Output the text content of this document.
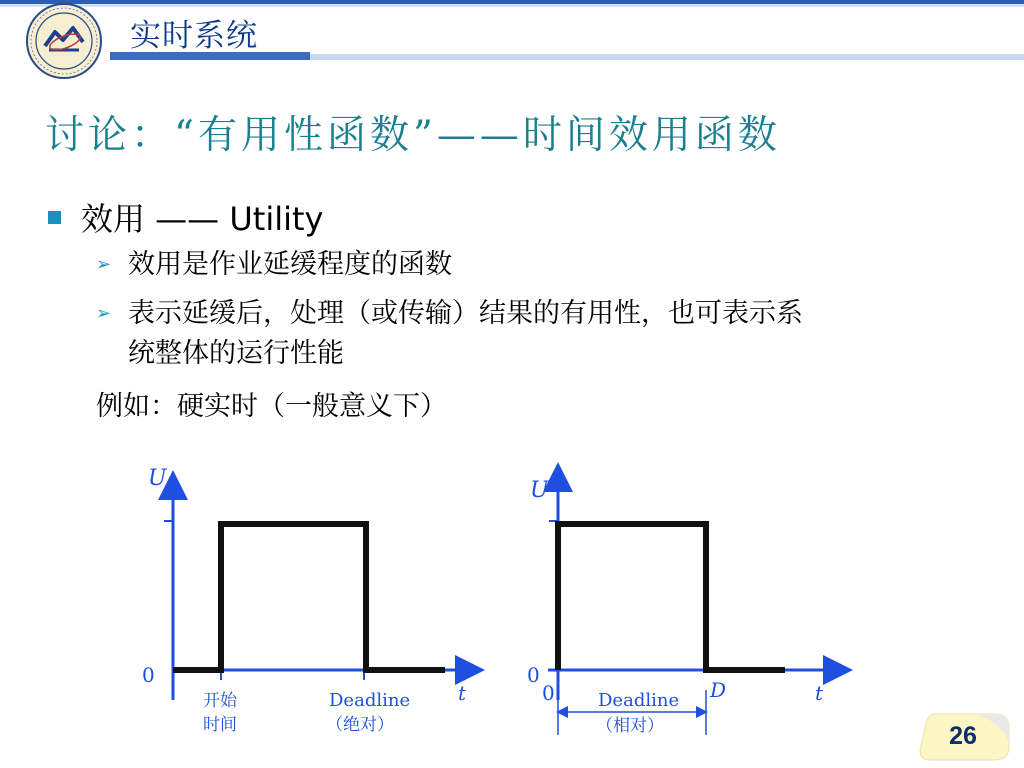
实时系统
讨论：“有用性函数”——时间效用函数
效用 —— Utility
➢ 效用是作业延缓程度的函数
➢ 表示延缓后，处理（或传输）结果的有用性，也可表示系
统整体的运行性能
例如：硬实时（一般意义下）
U
0
t
开始
时间
Deadline
（绝对）
U
0
0	D	t
Deadline
（相对）	26
